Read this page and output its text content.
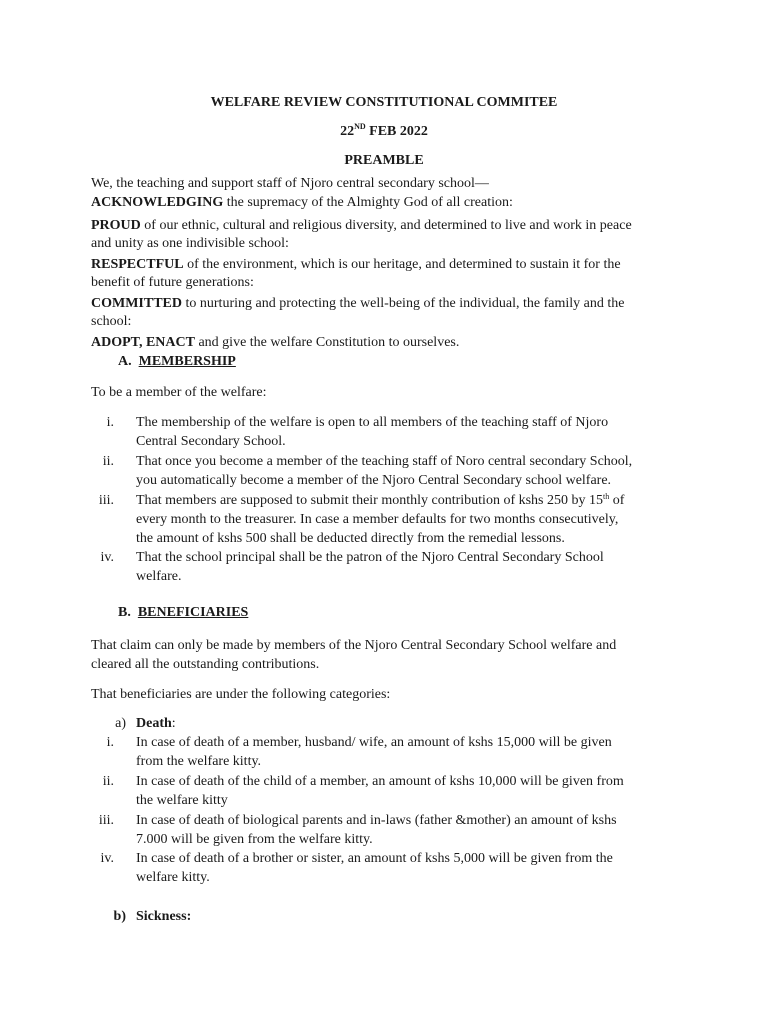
WELFARE REVIEW CONSTITUTIONAL COMMITEE
22ND FEB 2022
PREAMBLE
We, the teaching and support staff of Njoro central secondary school—
ACKNOWLEDGING the supremacy of the Almighty God of all creation:
PROUD of our ethnic, cultural and religious diversity, and determined to live and work in peace
and unity as one indivisible school:
RESPECTFUL of the environment, which is our heritage, and determined to sustain it for the
benefit of future generations:
COMMITTED to nurturing and protecting the well-being of the individual, the family and the
school:
ADOPT, ENACT and give the welfare Constitution to ourselves.
A. MEMBERSHIP
To be a member of the welfare:
i. The membership of the welfare is open to all members of the teaching staff of Njoro
Central Secondary School.
ii. That once you become a member of the teaching staff of Noro central secondary School,
you automatically become a member of the Njoro Central Secondary school welfare.
iii. That members are supposed to submit their monthly contribution of kshs 250 by 15th of
every month to the treasurer. In case a member defaults for two months consecutively,
the amount of kshs 500 shall be deducted directly from the remedial lessons.
iv. That the school principal shall be the patron of the Njoro Central Secondary School
welfare.
B. BENEFICIARIES
That claim can only be made by members of the Njoro Central Secondary School welfare and
cleared all the outstanding contributions.
That beneficiaries are under the following categories:
a) Death:
i. In case of death of a member, husband/ wife, an amount of kshs 15,000 will be given
from the welfare kitty.
ii. In case of death of the child of a member, an amount of kshs 10,000 will be given from
the welfare kitty
iii. In case of death of biological parents and in-laws (father &mother) an amount of kshs
7.000 will be given from the welfare kitty.
iv. In case of death of a brother or sister, an amount of kshs 5,000 will be given from the
welfare kitty.
b) Sickness:
